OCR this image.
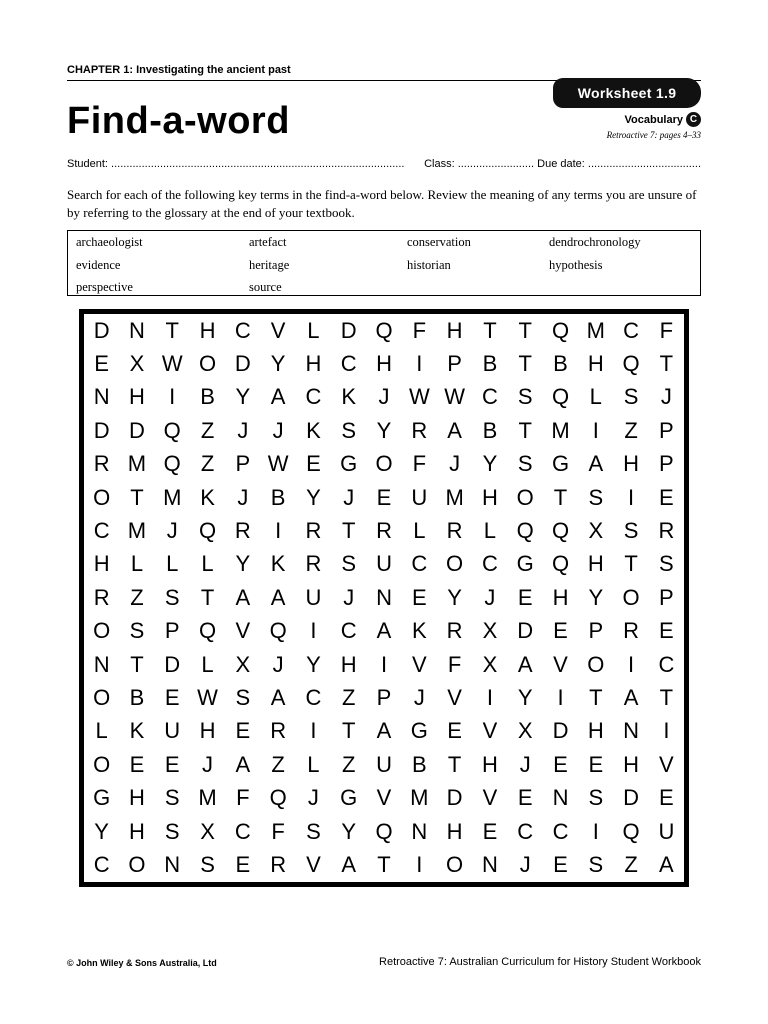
CHAPTER 1: Investigating the ancient past
Worksheet 1.9
Find-a-word	Vocabulary C
Retroactive 7: pages 4–33
Student:
................................................................................................
	Class:
.........................
Due date:
.....................................
Search for each of the following key terms in the find-a-word below. Review the meaning of any terms you are unsure of by referring to the glossary at the end of your textbook.
archaeologist	artefact	conservation	dendrochronology
evidence	heritage	historian	hypothesis
perspective	source
D N T H C V L D Q F H T T Q M C F
E X W O D Y H C H	I	P B T B H Q T
N H	I	B Y A C K	J W W C S Q L S	J
D D Q Z	J	J	K S Y R A B T M	I	Z P
R M Q Z P W E G O F	J	Y S G A H P
O T M K	J	B Y	J	E U M H O T S	I	E
C M J Q R	I	R T R L R L Q Q X S R
H L	L	L Y K R S U C O C G Q H T S
R Z S T A A U J N E Y	J	E H Y O P
O S P Q V Q	I	C A K R X D E P R E
N T D L X	J	Y H	I	V F X A V O	I	C
O B E W S A C Z P	J	V	I	Y	I	T A T
L K U H E R	I	T A G E V X D H N	I
O E E	J	A Z	L	Z U B T H J	E E H V
G H S M F Q J G V M D V E N S D E
Y H S X C F S Y Q N H E C C	I	Q U
C O N S E R V A T	I	O N J	E S Z A
© John Wiley & Sons Australia, Ltd	Retroactive 7: Australian Curriculum for History Student Workbook
